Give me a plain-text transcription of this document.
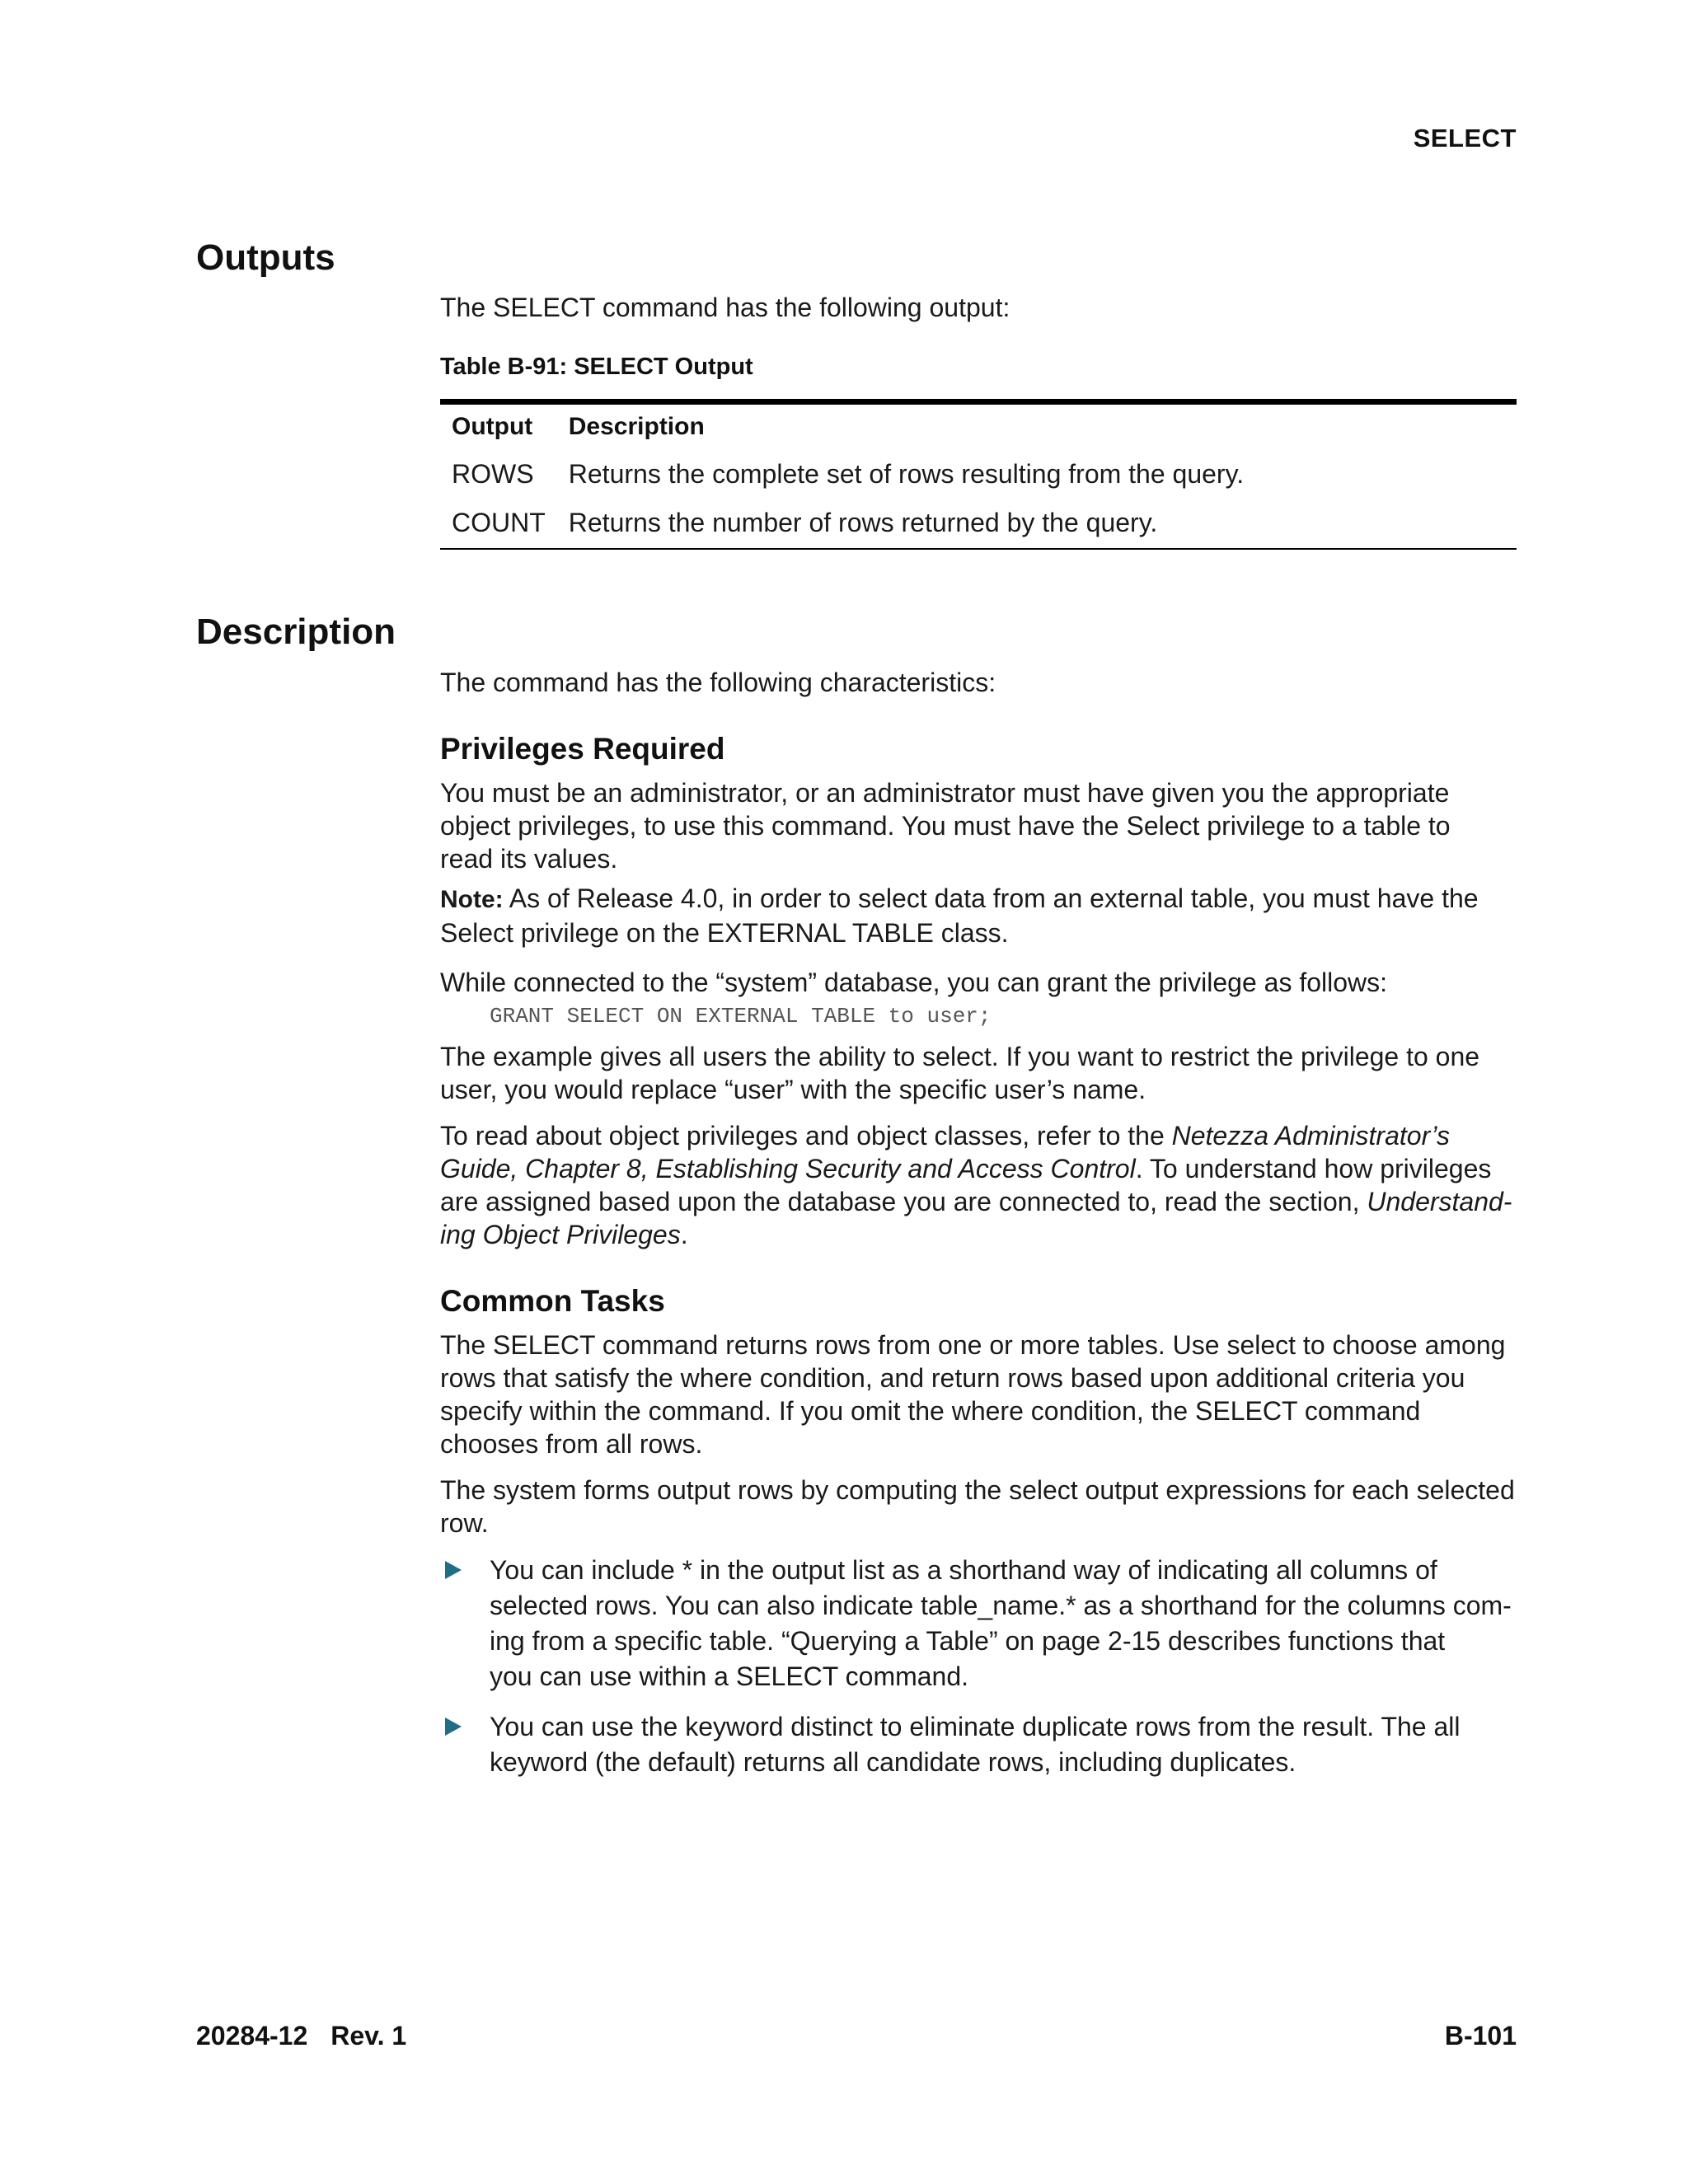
SELECT
Outputs

The SELECT command has the following output:

Table B-91: SELECT Output

Output	Description
ROWS	Returns the complete set of rows resulting from the query.
COUNT	Returns the number of rows returned by the query.
Description

The command has the following characteristics:

Privileges Required

You must be an administrator, or an administrator must have given you the appropriate
object privileges, to use this command. You must have the Select privilege to a table to
read its values.

Note: As of Release 4.0, in order to select data from an external table, you must have the
Select privilege on the EXTERNAL TABLE class.

While connected to the “system” database, you can grant the privilege as follows:

GRANT SELECT ON EXTERNAL TABLE to user;

The example gives all users the ability to select. If you want to restrict the privilege to one
user, you would replace “user” with the specific user’s name.

To read about object privileges and object classes, refer to the Netezza Administrator’s
Guide, Chapter 8, Establishing Security and Access Control. To understand how privileges
are assigned based upon the database you are connected to, read the section, Understand-
ing Object Privileges.

Common Tasks

The SELECT command returns rows from one or more tables. Use select to choose among
rows that satisfy the where condition, and return rows based upon additional criteria you
specify within the command. If you omit the where condition, the SELECT command
chooses from all rows.

The system forms output rows by computing the select output expressions for each selected
row.

You can include * in the output list as a shorthand way of indicating all columns of
selected rows. You can also indicate table_name.* as a shorthand for the columns com-
ing from a specific table. “Querying a Table” on page 2-15 describes functions that
you can use within a SELECT command.
You can use the keyword distinct to eliminate duplicate rows from the result. The all
keyword (the default) returns all candidate rows, including duplicates.
20284-12 Rev. 1	B-101
